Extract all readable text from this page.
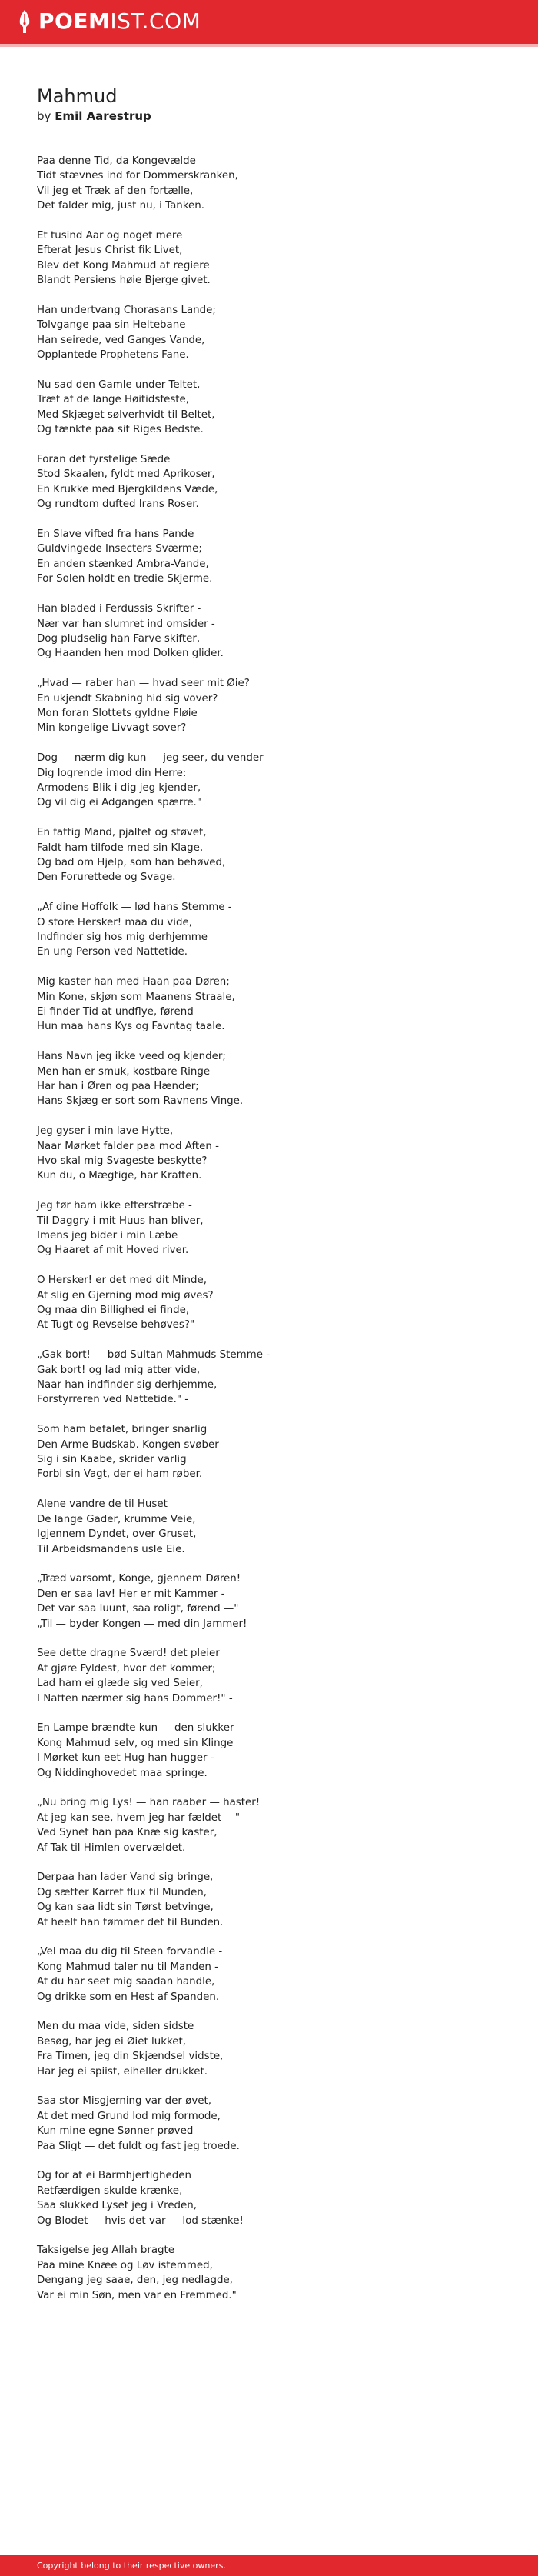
POEMIST.COM
Mahmud
by Emil Aarestrup
Paa denne Tid, da Kongevælde
Tidt stævnes ind for Dommerskranken,
Vil jeg et Træk af den fortælle,
Det falder mig, just nu, i Tanken.
Et tusind Aar og noget mere
Efterat Jesus Christ fik Livet,
Blev det Kong Mahmud at regiere
Blandt Persiens høie Bjerge givet.
Han undertvang Chorasans Lande;
Tolvgange paa sin Heltebane
Han seirede, ved Ganges Vande,
Opplantede Prophetens Fane.
Nu sad den Gamle under Teltet,
Træt af de lange Høitidsfeste,
Med Skjæget sølverhvidt til Beltet,
Og tænkte paa sit Riges Bedste.
Foran det fyrstelige Sæde
Stod Skaalen, fyldt med Aprikoser,
En Krukke med Bjergkildens Væde,
Og rundtom dufted Irans Roser.
En Slave vifted fra hans Pande
Guldvingede Insecters Sværme;
En anden stænked Ambra-Vande,
For Solen holdt en tredie Skjerme.
Han bladed i Ferdussis Skrifter -
Nær var han slumret ind omsider -
Dog pludselig han Farve skifter,
Og Haanden hen mod Dolken glider.
„Hvad — raber han — hvad seer mit Øie?
En ukjendt Skabning hid sig vover?
Mon foran Slottets gyldne Fløie
Min kongelige Livvagt sover?
Dog — nærm dig kun — jeg seer, du vender
Dig logrende imod din Herre:
Armodens Blik i dig jeg kjender,
Og vil dig ei Adgangen spærre."
En fattig Mand, pjaltet og støvet,
Faldt ham tilfode med sin Klage,
Og bad om Hjelp, som han behøved,
Den Forurettede og Svage.
„Af dine Hoffolk — lød hans Stemme -
O store Hersker! maa du vide,
Indfinder sig hos mig derhjemme
En ung Person ved Nattetide.
Mig kaster han med Haan paa Døren;
Min Kone, skjøn som Maanens Straale,
Ei finder Tid at undflye, førend
Hun maa hans Kys og Favntag taale.
Hans Navn jeg ikke veed og kjender;
Men han er smuk, kostbare Ringe
Har han i Øren og paa Hænder;
Hans Skjæg er sort som Ravnens Vinge.
Jeg gyser i min lave Hytte,
Naar Mørket falder paa mod Aften -
Hvo skal mig Svageste beskytte?
Kun du, o Mægtige, har Kraften.
Jeg tør ham ikke efterstræbe -
Til Daggry i mit Huus han bliver,
Imens jeg bider i min Læbe
Og Haaret af mit Hoved river.
O Hersker! er det med dit Minde,
At slig en Gjerning mod mig øves?
Og maa din Billighed ei finde,
At Tugt og Revselse behøves?"
„Gak bort! — bød Sultan Mahmuds Stemme -
Gak bort! og lad mig atter vide,
Naar han indfinder sig derhjemme,
Forstyrreren ved Nattetide." -
Som ham befalet, bringer snarlig
Den Arme Budskab. Kongen svøber
Sig i sin Kaabe, skrider varlig
Forbi sin Vagt, der ei ham røber.
Alene vandre de til Huset
De lange Gader, krumme Veie,
Igjennem Dyndet, over Gruset,
Til Arbeidsmandens usle Eie.
„Træd varsomt, Konge, gjennem Døren!
Den er saa lav! Her er mit Kammer -
Det var saa luunt, saa roligt, førend —"
„Til — byder Kongen — med din Jammer!
See dette dragne Sværd! det pleier
At gjøre Fyldest, hvor det kommer;
Lad ham ei glæde sig ved Seier,
I Natten nærmer sig hans Dommer!" -
En Lampe brændte kun — den slukker
Kong Mahmud selv, og med sin Klinge
I Mørket kun eet Hug han hugger -
Og Niddinghovedet maa springe.
„Nu bring mig Lys! — han raaber — haster!
At jeg kan see, hvem jeg har fældet —"
Ved Synet han paa Knæ sig kaster,
Af Tak til Himlen overvældet.
Derpaa han lader Vand sig bringe,
Og sætter Karret flux til Munden,
Og kan saa lidt sin Tørst betvinge,
At heelt han tømmer det til Bunden.
„Vel maa du dig til Steen forvandle -
Kong Mahmud taler nu til Manden -
At du har seet mig saadan handle,
Og drikke som en Hest af Spanden.
Men du maa vide, siden sidste
Besøg, har jeg ei Øiet lukket,
Fra Timen, jeg din Skjændsel vidste,
Har jeg ei spiist, eiheller drukket.
Saa stor Misgjerning var der øvet,
At det med Grund lod mig formode,
Kun mine egne Sønner prøved
Paa Sligt — det fuldt og fast jeg troede.
Og for at ei Barmhjertigheden
Retfærdigen skulde krænke,
Saa slukked Lyset jeg i Vreden,
Og Blodet — hvis det var — lod stænke!
Taksigelse jeg Allah bragte
Paa mine Knæe og Løv istemmed,
Dengang jeg saae, den, jeg nedlagde,
Var ei min Søn, men var en Fremmed."
Copyright belong to their respective owners.
